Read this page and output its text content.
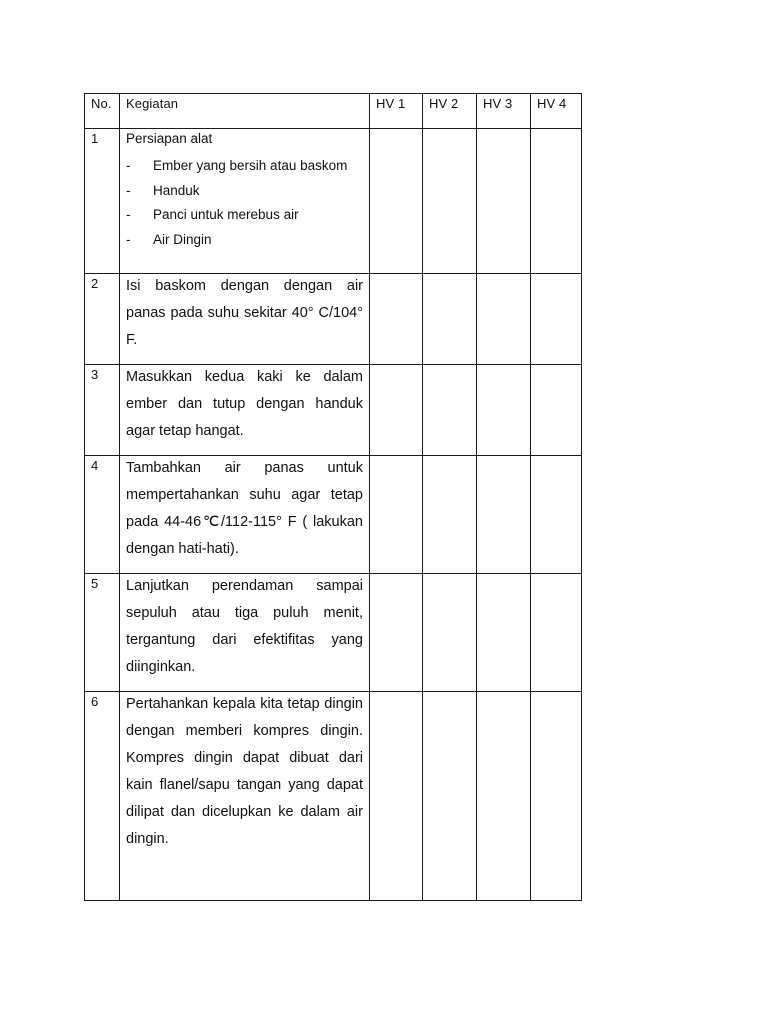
No.	Kegiatan	HV 1	HV 2	HV 3	HV 4
1	Persiapan alat
-	Ember yang bersih atau baskom
-	Handuk
-	Panci untuk merebus air
-	Air Dingin
2	Isi baskom dengan dengan air panas pada suhu sekitar 40° C/104° F.
3	Masukkan kedua kaki ke dalam ember dan tutup dengan handuk agar tetap hangat.
4	Tambahkan air panas untuk mempertahankan suhu agar tetap pada 44-46℃/112-115° F ( lakukan dengan hati-hati).
5	Lanjutkan perendaman sampai sepuluh atau tiga puluh menit, tergantung dari efektifitas yang diinginkan.
6	Pertahankan kepala kita tetap dingin dengan memberi kompres dingin. Kompres dingin dapat dibuat dari kain flanel/sapu tangan yang dapat dilipat dan dicelupkan ke dalam air dingin.
